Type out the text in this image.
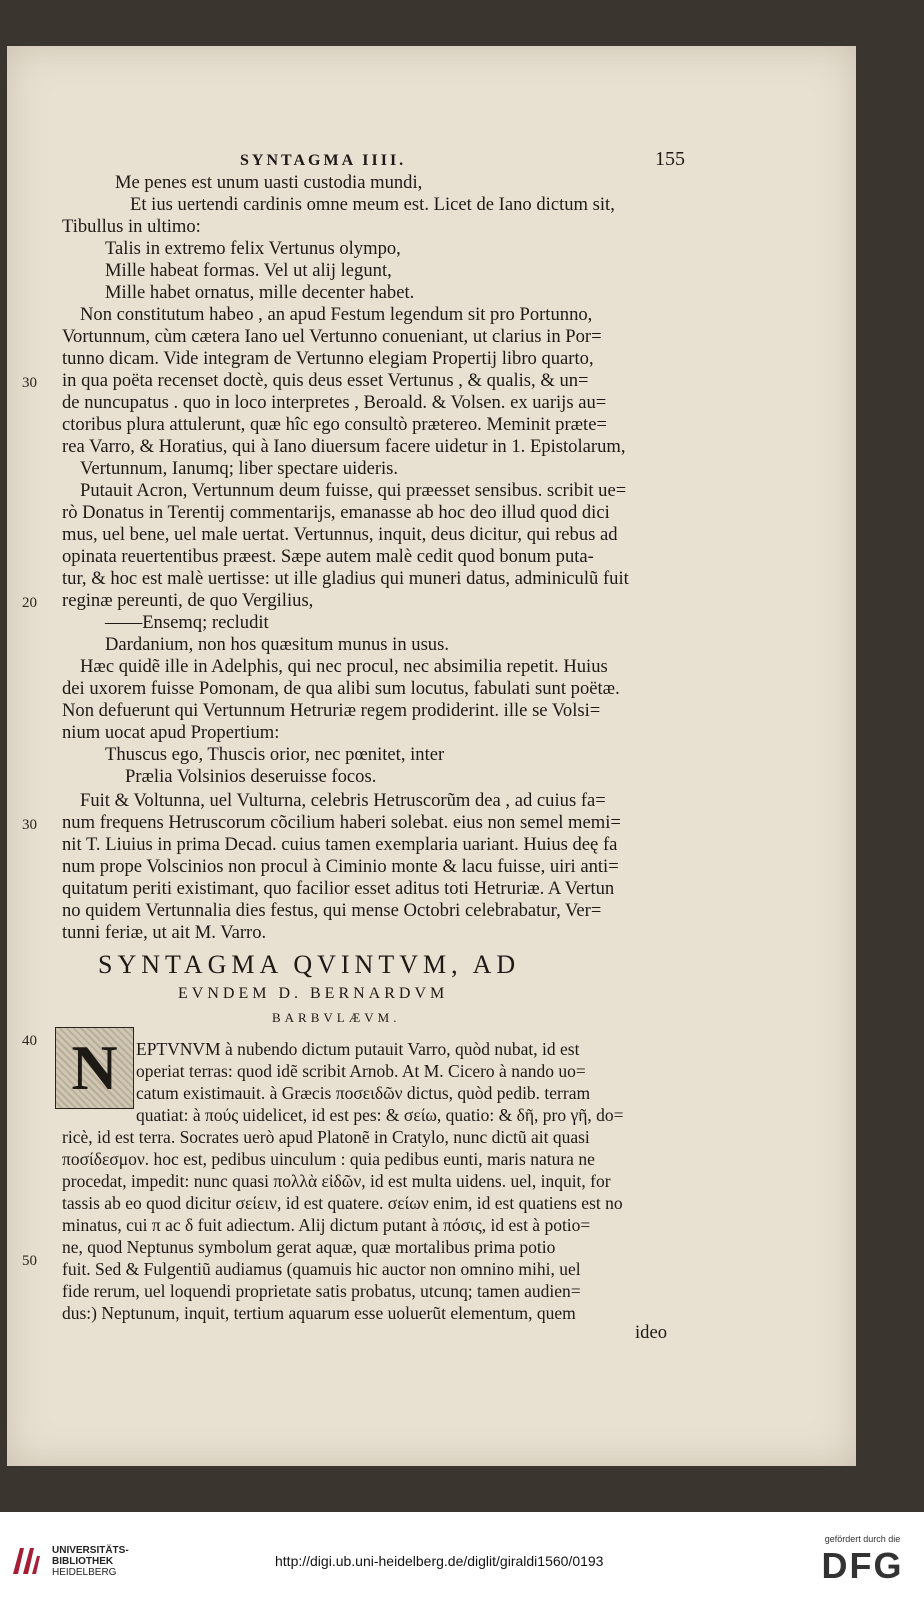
SYNTAGMA IIII.	155
Me penes est unum uasti custodia mundi,
Et ius uertendi cardinis omne meum est. Licet de Iano dictum sit,
Tibullus in ultimo:
Talis in extremo felix Vertunus olympo,
Mille habeat formas. Vel ut alij legunt,
Mille habet ornatus, mille decenter habet.
Non constitutum habeo , an apud Festum legendum sit pro Portunno,
Vortunnum, cùm cætera Iano uel Vertunno conueniant, ut clarius in Por=
tunno dicam. Vide integram de Vertunno elegiam Propertij libro quarto,
in qua poëta recenset doctè, quis deus esset Vertunus , & qualis, & un=
de nuncupatus . quo in loco interpretes , Beroald. & Volsen. ex uarijs au=
ctoribus plura attulerunt, quæ hîc ego consultò prætereo. Meminit præte=
rea Varro, & Horatius, qui à Iano diuersum facere uidetur in 1. Epistolarum,
Vertunnum, Ianumq; liber spectare uideris.
Putauit Acron, Vertunnum deum fuisse, qui præesset sensibus. scribit ue=
rò Donatus in Terentij commentarijs, emanasse ab hoc deo illud quod dici
mus, uel bene, uel male uertat. Vertunnus, inquit, deus dicitur, qui rebus ad
opinata reuertentibus præest. Sæpe autem malè cedit quod bonum puta-
tur, & hoc est malè uertisse: ut ille gladius qui muneri datus, adminiculũ fuit
reginæ pereunti, de quo Vergilius,
——Ensemq; recludit
Dardanium, non hos quæsitum munus in usus.
Hæc quidẽ ille in Adelphis, qui nec procul, nec absimilia repetit. Huius
dei uxorem fuisse Pomonam, de qua alibi sum locutus, fabulati sunt poëtæ.
Non defuerunt qui Vertunnum Hetruriæ regem prodiderint. ille se Volsi=
nium uocat apud Propertium:
Thuscus ego, Thuscis orior, nec pœnitet, inter
Prælia Volsinios deseruisse focos.
Fuit & Voltunna, uel Vulturna, celebris Hetruscorũm dea , ad cuius fa=
num frequens Hetruscorum cõcilium haberi solebat. eius non semel memi=
nit T. Liuius in prima Decad. cuius tamen exemplaria uariant. Huius deę fa
num prope Volscinios non procul à Ciminio monte & lacu fuisse, uiri anti=
quitatum periti existimant, quo facilior esset aditus toti Hetruriæ. A Vertun
no quidem Vertunnalia dies festus, qui mense Octobri celebrabatur, Ver=
tunni feriæ, ut ait M. Varro.
30
20
30
40
50
SYNTAGMA QVINTVM, AD
EVNDEM D. BERNARDVM
BARBVLÆVM.
N	EPTVNVM à nubendo dictum putauit Varro, quòd nubat, id est
operiat terras: quod idẽ scribit Arnob. At M. Cicero à nando uo=
catum existimauit. à Græcis ποσειδῶν dictus, quòd pedib. terram
quatiat: à πούς uidelicet, id est pes: & σείω, quatio: & δῆ, pro γῆ, do=
ricè, id est terra. Socrates uerò apud Platonẽ in Cratylo, nunc dictũ ait quasi
ποσίδεσμον. hoc est, pedibus uinculum : quia pedibus eunti, maris natura ne
procedat, impedit: nunc quasi πολλὰ εἰδῶν, id est multa uidens. uel, inquit, for
tassis ab eo quod dicitur σείειν, id est quatere. σείων enim, id est quatiens est no
minatus, cui π ac δ fuit adiectum. Alij dictum putant à πόσις, id est à potio=
ne, quod Neptunus symbolum gerat aquæ, quæ mortalibus prima potio
fuit. Sed & Fulgentiũ audiamus (quamuis hic auctor non omnino mihi, uel
fide rerum, uel loquendi proprietate satis probatus, utcunq; tamen audien=
dus:) Neptunum, inquit, tertium aquarum esse uoluerũt elementum, quem
ideo
UNIVERSITÄTS-
BIBLIOTHEK
HEIDELBERG
http://digi.ub.uni-heidelberg.de/diglit/giraldi1560/0193
gefördert durch die
DFG
